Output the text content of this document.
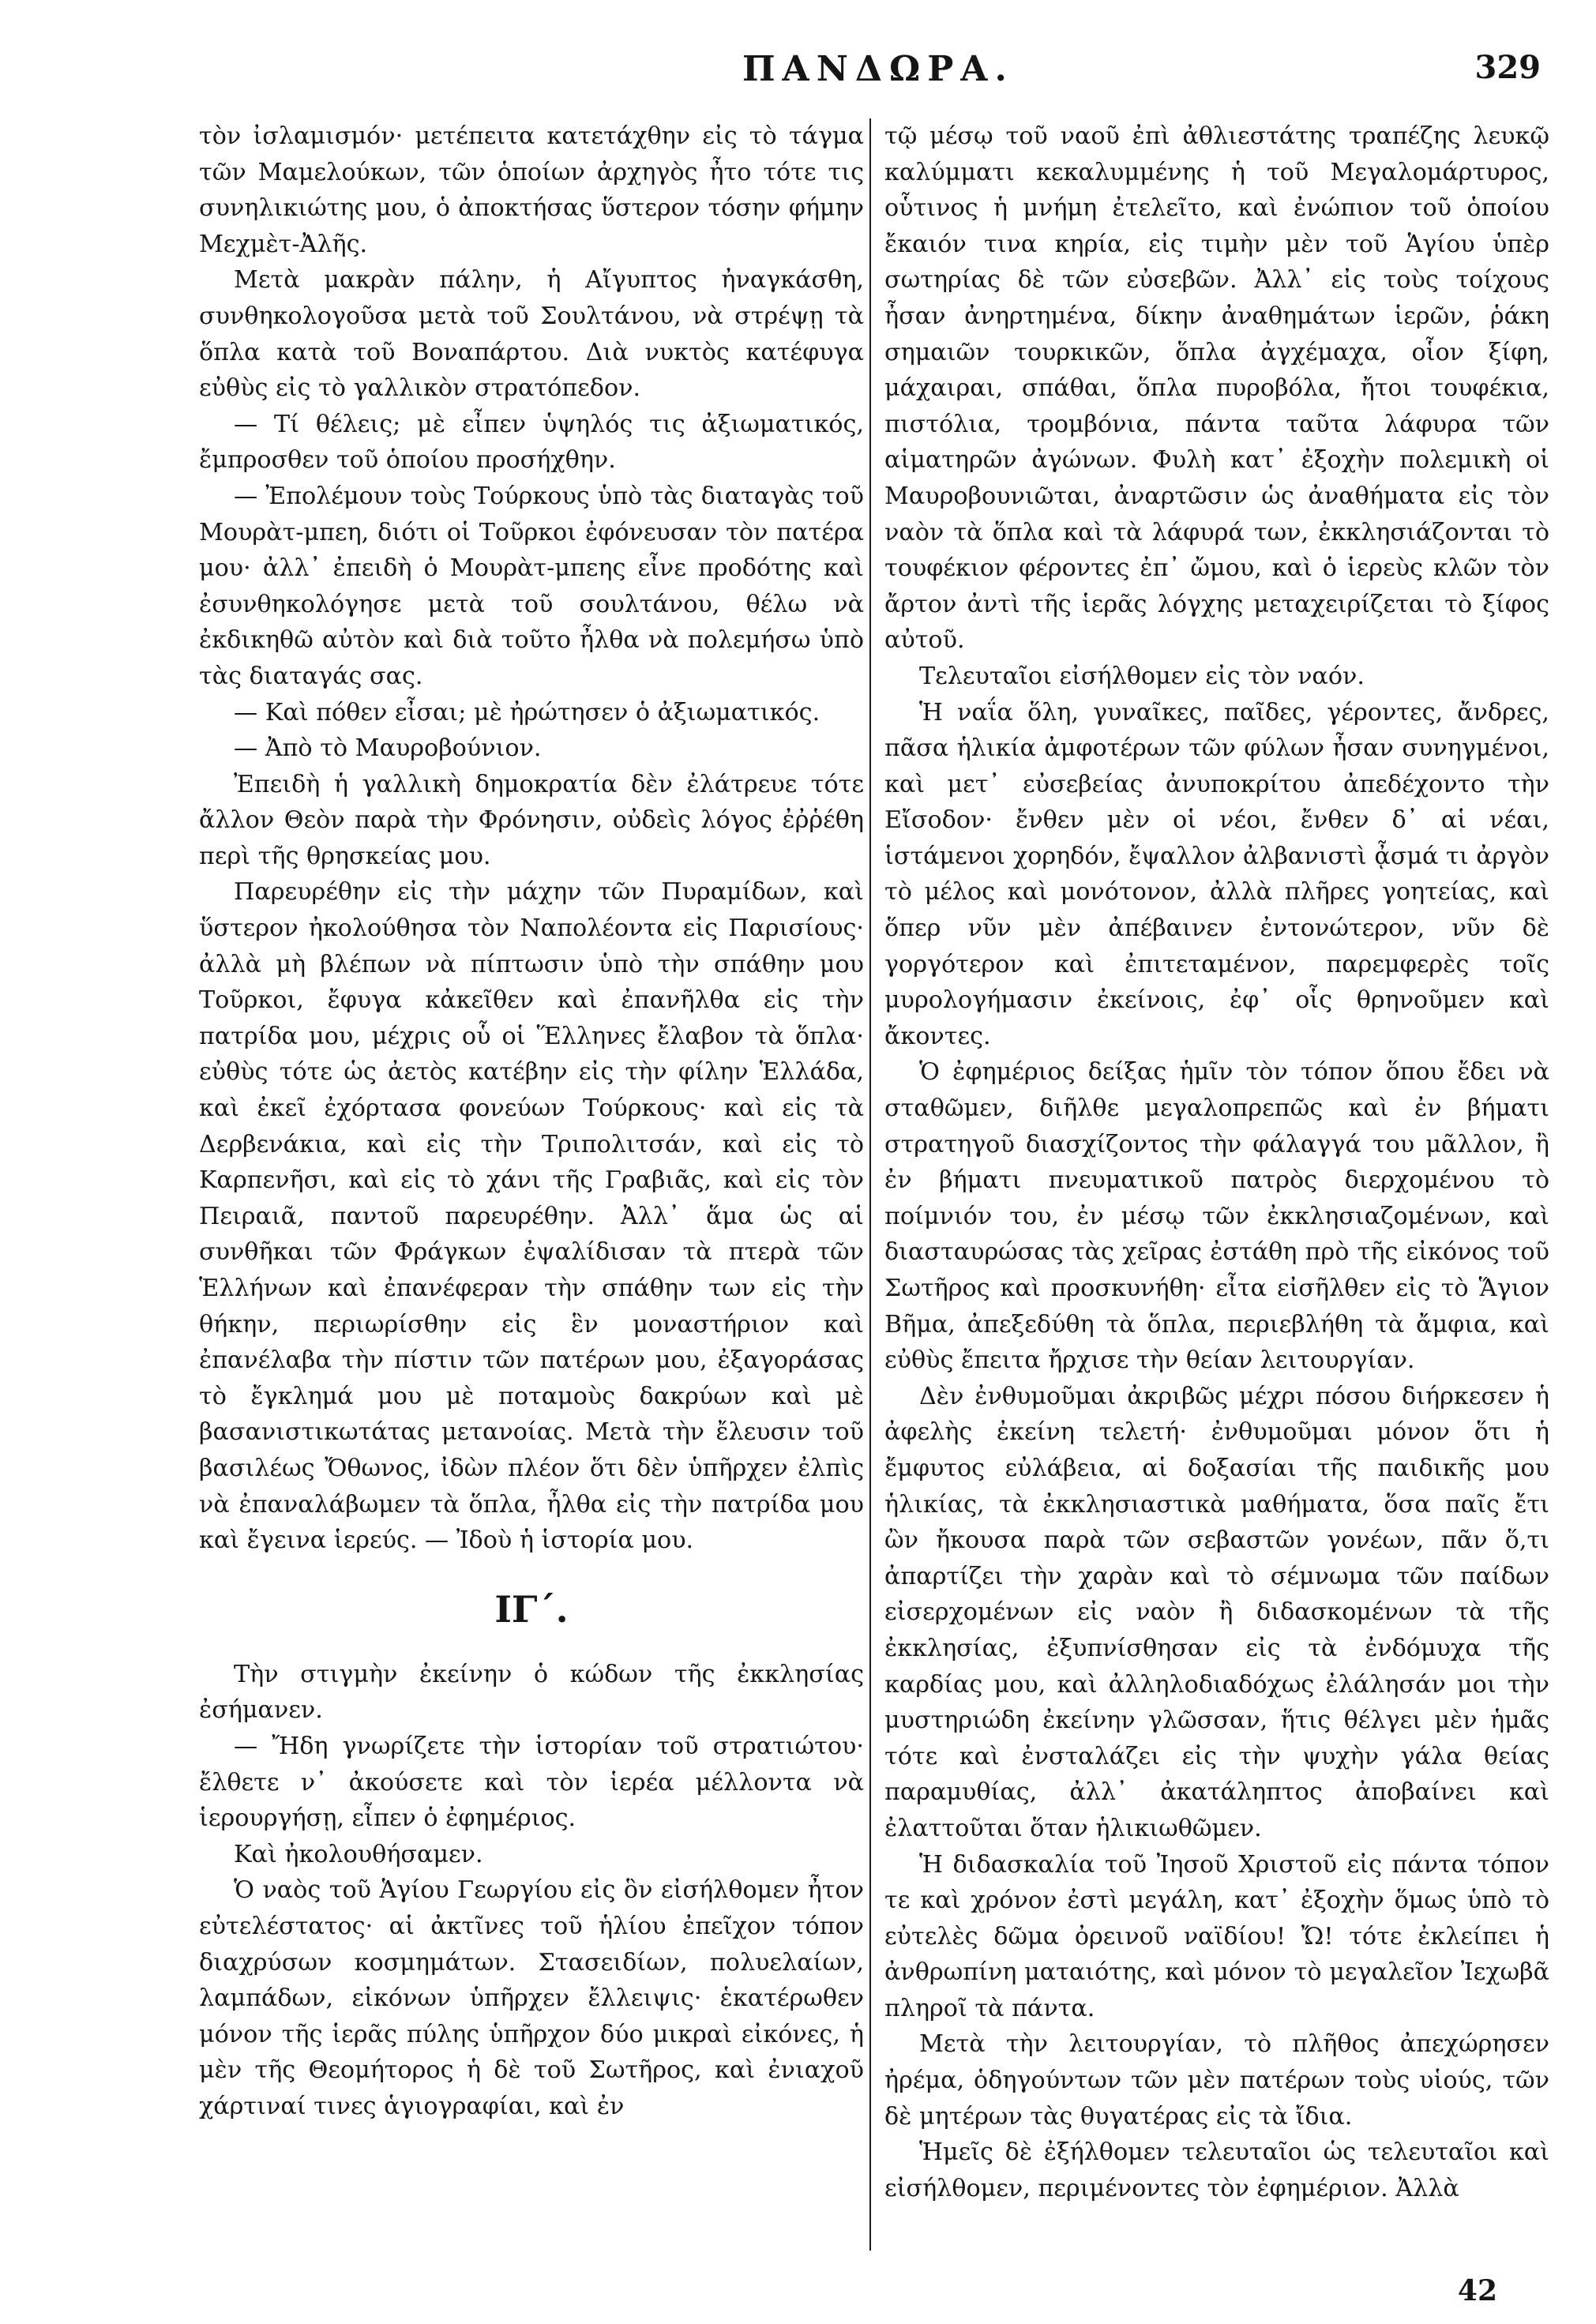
ΠΑΝΔΩΡΑ.	329

τὸν ἰσλαμισμόν· μετέπειτα κατετάχθην εἰς τὸ τάγμα τῶν Μαμελούκων, τῶν ὁποίων ἀρχηγὸς ἦτο τότε τις συνηλικιώτης μου, ὁ ἀποκτήσας ὕστερον τόσην φήμην Μεχμὲτ-Ἀλῆς.

Μετὰ μακρὰν πάλην, ἡ Αἴγυπτος ἠναγκάσθη, συνθηκολογοῦσα μετὰ τοῦ Σουλτάνου, νὰ στρέψῃ τὰ ὅπλα κατὰ τοῦ Βοναπάρτου. Διὰ νυκτὸς κατέφυγα εὐθὺς εἰς τὸ γαλλικὸν στρατόπεδον.

— Τί θέλεις; μὲ εἶπεν ὑψηλός τις ἀξιωματικός, ἔμπροσθεν τοῦ ὁποίου προσήχθην.

— Ἐπολέμουν τοὺς Τούρκους ὑπὸ τὰς διαταγὰς τοῦ Μουρὰτ-μπεη, διότι οἱ Τοῦρκοι ἐφόνευσαν τὸν πατέρα μου· ἀλλ᾿ ἐπειδὴ ὁ Μουρὰτ-μπεης εἶνε προδότης καὶ ἐσυνθηκολόγησε μετὰ τοῦ σουλτάνου, θέλω νὰ ἐκδικηθῶ αὐτὸν καὶ διὰ τοῦτο ἦλθα νὰ πολεμήσω ὑπὸ τὰς διαταγάς σας.

— Καὶ πόθεν εἶσαι; μὲ ἠρώτησεν ὁ ἀξιωματικός.

— Ἀπὸ τὸ Μαυροβούνιον.

Ἐπειδὴ ἡ γαλλικὴ δημοκρατία δὲν ἐλάτρευε τότε ἄλλον Θεὸν παρὰ τὴν Φρόνησιν, οὐδεὶς λόγος ἐῤῥέθη περὶ τῆς θρησκείας μου.

Παρευρέθην εἰς τὴν μάχην τῶν Πυραμίδων, καὶ ὕστερον ἠκολούθησα τὸν Ναπολέοντα εἰς Παρισίους· ἀλλὰ μὴ βλέπων νὰ πίπτωσιν ὑπὸ τὴν σπάθην μου Τοῦρκοι, ἔφυγα κἀκεῖθεν καὶ ἐπανῆλθα εἰς τὴν πατρίδα μου, μέχρις οὗ οἱ Ἕλληνες ἔλαβον τὰ ὅπλα· εὐθὺς τότε ὡς ἀετὸς κατέβην εἰς τὴν φίλην Ἑλλάδα, καὶ ἐκεῖ ἐχόρτασα φονεύων Τούρκους· καὶ εἰς τὰ Δερβενάκια, καὶ εἰς τὴν Τριπολιτσάν, καὶ εἰς τὸ Καρπενῆσι, καὶ εἰς τὸ χάνι τῆς Γραβιᾶς, καὶ εἰς τὸν Πειραιᾶ, παντοῦ παρευρέθην. Ἀλλ᾿ ἅμα ὡς αἱ συνθῆκαι τῶν Φράγκων ἐψαλίδισαν τὰ πτερὰ τῶν Ἑλλήνων καὶ ἐπανέφεραν τὴν σπάθην των εἰς τὴν θήκην, περιωρίσθην εἰς ἓν μοναστήριον καὶ ἐπανέλαβα τὴν πίστιν τῶν πατέρων μου, ἐξαγοράσας τὸ ἔγκλημά μου μὲ ποταμοὺς δακρύων καὶ μὲ βασανιστικωτάτας μετανοίας. Μετὰ τὴν ἔλευσιν τοῦ βασιλέως Ὄθωνος, ἰδὼν πλέον ὅτι δὲν ὑπῆρχεν ἐλπὶς νὰ ἐπαναλάβωμεν τὰ ὅπλα, ἦλθα εἰς τὴν πατρίδα μου καὶ ἔγεινα ἱερεύς. — Ἰδοὺ ἡ ἱστορία μου.

ΙΓ΄.

Τὴν στιγμὴν ἐκείνην ὁ κώδων τῆς ἐκκλησίας ἐσήμανεν.

— Ἤδη γνωρίζετε τὴν ἱστορίαν τοῦ στρατιώτου· ἔλθετε ν᾿ ἀκούσετε καὶ τὸν ἱερέα μέλλοντα νὰ ἱερουργήσῃ, εἶπεν ὁ ἐφημέριος.

Καὶ ἠκολουθήσαμεν.

Ὁ ναὸς τοῦ Ἁγίου Γεωργίου εἰς ὃν εἰσήλθομεν ἦτον εὐτελέστατος· αἱ ἀκτῖνες τοῦ ἡλίου ἐπεῖχον τόπον διαχρύσων κοσμημάτων. Στασειδίων, πολυελαίων, λαμπάδων, εἰκόνων ὑπῆρχεν ἔλλειψις· ἑκατέρωθεν μόνον τῆς ἱερᾶς πύλης ὑπῆρχον δύο μικραὶ εἰκόνες, ἡ μὲν τῆς Θεομήτορος ἡ δὲ τοῦ Σωτῆρος, καὶ ἐνιαχοῦ χάρτιναί τινες ἁγιογραφίαι, καὶ ἐν

τῷ μέσῳ τοῦ ναοῦ ἐπὶ ἀθλιεστάτης τραπέζης λευκῷ καλύμματι κεκαλυμμένης ἡ τοῦ Μεγαλομάρτυρος, οὗτινος ἡ μνήμη ἐτελεῖτο, καὶ ἐνώπιον τοῦ ὁποίου ἔκαιόν τινα κηρία, εἰς τιμὴν μὲν τοῦ Ἁγίου ὑπὲρ σωτηρίας δὲ τῶν εὐσεβῶν. Ἀλλ᾿ εἰς τοὺς τοίχους ἦσαν ἀνηρτημένα, δίκην ἀναθημάτων ἱερῶν, ῥάκη σημαιῶν τουρκικῶν, ὅπλα ἀγχέμαχα, οἷον ξίφη, μάχαιραι, σπάθαι, ὅπλα πυροβόλα, ἤτοι τουφέκια, πιστόλια, τρομβόνια, πάντα ταῦτα λάφυρα τῶν αἱματηρῶν ἀγώνων. Φυλὴ κατ᾿ ἐξοχὴν πολεμικὴ οἱ Μαυροβουνιῶται, ἀναρτῶσιν ὡς ἀναθήματα εἰς τὸν ναὸν τὰ ὅπλα καὶ τὰ λάφυρά των, ἐκκλησιάζονται τὸ τουφέκιον φέροντες ἐπ᾿ ὤμου, καὶ ὁ ἱερεὺς κλῶν τὸν ἄρτον ἀντὶ τῆς ἱερᾶς λόγχης μεταχειρίζεται τὸ ξίφος αὐτοῦ.

Τελευταῖοι εἰσήλθομεν εἰς τὸν ναόν.

Ἡ ναΐα ὅλη, γυναῖκες, παῖδες, γέροντες, ἄνδρες, πᾶσα ἡλικία ἀμφοτέρων τῶν φύλων ἦσαν συνηγμένοι, καὶ μετ᾿ εὐσεβείας ἀνυποκρίτου ἀπεδέχοντο τὴν Εἴσοδον· ἔνθεν μὲν οἱ νέοι, ἔνθεν δ᾿ αἱ νέαι, ἱστάμενοι χορηδόν, ἔψαλλον ἀλβανιστὶ ᾆσμά τι ἀργὸν τὸ μέλος καὶ μονότονον, ἀλλὰ πλῆρες γοητείας, καὶ ὅπερ νῦν μὲν ἀπέβαινεν ἐντονώτερον, νῦν δὲ γοργότερον καὶ ἐπιτεταμένον, παρεμφερὲς τοῖς μυρολογήμασιν ἐκείνοις, ἐφ᾿ οἷς θρηνοῦμεν καὶ ἄκοντες.

Ὁ ἐφημέριος δείξας ἡμῖν τὸν τόπον ὅπου ἔδει νὰ σταθῶμεν, διῆλθε μεγαλοπρεπῶς καὶ ἐν βήματι στρατηγοῦ διασχίζοντος τὴν φάλαγγά του μᾶλλον, ἢ ἐν βήματι πνευματικοῦ πατρὸς διερχομένου τὸ ποίμνιόν του, ἐν μέσῳ τῶν ἐκκλησιαζομένων, καὶ διασταυρώσας τὰς χεῖρας ἐστάθη πρὸ τῆς εἰκόνος τοῦ Σωτῆρος καὶ προσκυνήθη· εἶτα εἰσῆλθεν εἰς τὸ Ἅγιον Βῆμα, ἀπεξεδύθη τὰ ὅπλα, περιεβλήθη τὰ ἄμφια, καὶ εὐθὺς ἔπειτα ἤρχισε τὴν θείαν λειτουργίαν.

Δὲν ἐνθυμοῦμαι ἀκριβῶς μέχρι πόσου διήρκεσεν ἡ ἀφελὴς ἐκείνη τελετή· ἐνθυμοῦμαι μόνον ὅτι ἡ ἔμφυτος εὐλάβεια, αἱ δοξασίαι τῆς παιδικῆς μου ἡλικίας, τὰ ἐκκλησιαστικὰ μαθήματα, ὅσα παῖς ἔτι ὢν ἤκουσα παρὰ τῶν σεβαστῶν γονέων, πᾶν ὅ,τι ἀπαρτίζει τὴν χαρὰν καὶ τὸ σέμνωμα τῶν παίδων εἰσερχομένων εἰς ναὸν ἢ διδασκομένων τὰ τῆς ἐκκλησίας, ἐξυπνίσθησαν εἰς τὰ ἐνδόμυχα τῆς καρδίας μου, καὶ ἀλληλοδιαδόχως ἐλάλησάν μοι τὴν μυστηριώδη ἐκείνην γλῶσσαν, ἥτις θέλγει μὲν ἡμᾶς τότε καὶ ἐνσταλάζει εἰς τὴν ψυχὴν γάλα θείας παραμυθίας, ἀλλ᾿ ἀκατάληπτος ἀποβαίνει καὶ ἐλαττοῦται ὅταν ἡλικιωθῶμεν.

Ἡ διδασκαλία τοῦ Ἰησοῦ Χριστοῦ εἰς πάντα τόπον τε καὶ χρόνον ἐστὶ μεγάλη, κατ᾿ ἐξοχὴν ὅμως ὑπὸ τὸ εὐτελὲς δῶμα ὀρεινοῦ ναϊδίου! Ὤ! τότε ἐκλείπει ἡ ἀνθρωπίνη ματαιότης, καὶ μόνον τὸ μεγαλεῖον Ἰεχωβᾶ πληροῖ τὰ πάντα.

Μετὰ τὴν λειτουργίαν, τὸ πλῆθος ἀπεχώρησεν ἠρέμα, ὁδηγούντων τῶν μὲν πατέρων τοὺς υἱούς, τῶν δὲ μητέρων τὰς θυγατέρας εἰς τὰ ἴδια.

Ἡμεῖς δὲ ἐξήλθομεν τελευταῖοι ὡς τελευταῖοι καὶ εἰσήλθομεν, περιμένοντες τὸν ἐφημέριον. Ἀλλὰ

42
